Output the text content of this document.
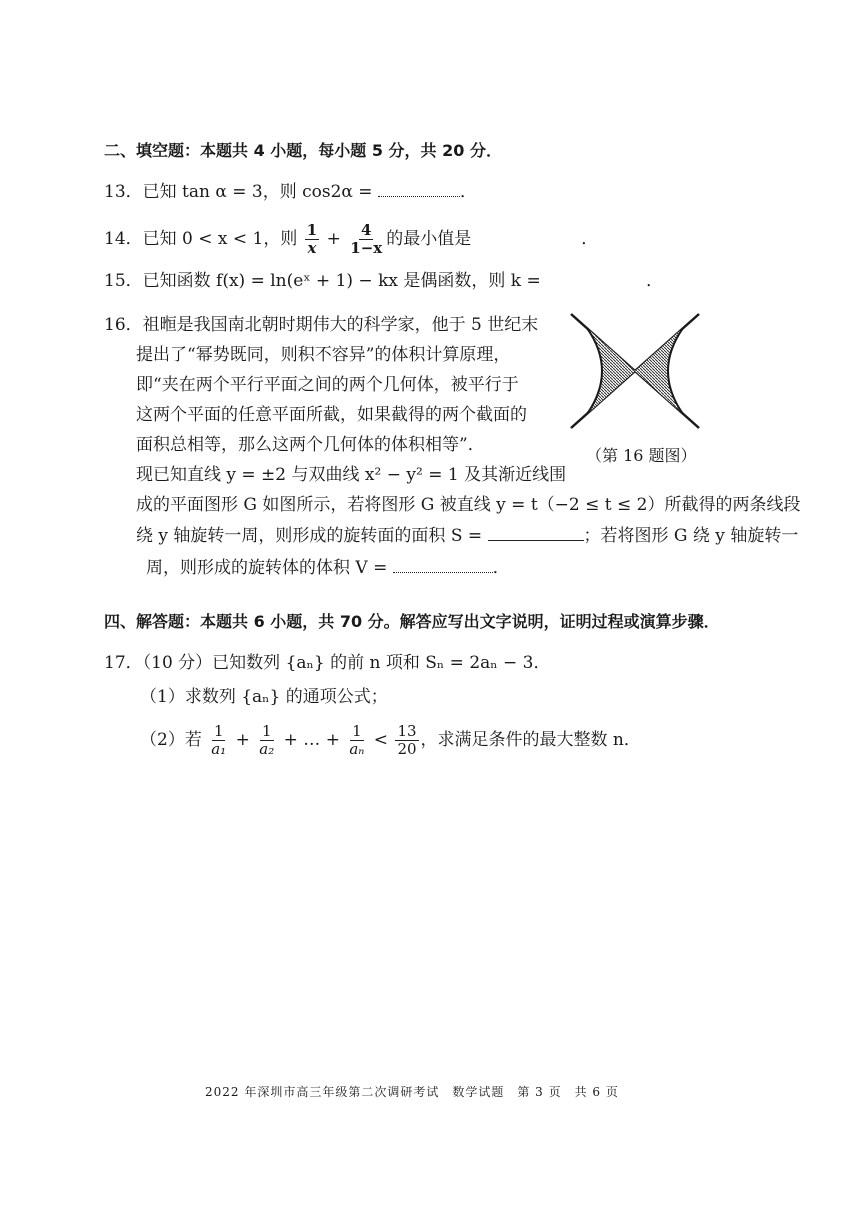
二、填空题：本题共 4 小题，每小题 5 分，共 20 分．
13．已知 tan α = 3，则 cos2α =	．
14．已知 0 < x < 1，则 $\frac{1}{x} + \frac{4}{1-x}$ 的最小值是	．
15．已知函数 f(x) = ln(eˣ + 1) − kx 是偶函数，则 k =	．
16．祖暅是我国南北朝时期伟大的科学家，他于 5 世纪末
提出了“幂势既同，则积不容异”的体积计算原理，
即“夹在两个平行平面之间的两个几何体，被平行于
这两个平面的任意平面所截，如果截得的两个截面的
面积总相等，那么这两个几何体的体积相等”．
现已知直线 y = ±2 与双曲线 x² − y² = 1 及其渐近线围
成的平面图形 G 如图所示，若将图形 G 被直线 y = t（−2 ≤ t ≤ 2）所截得的两条线段
绕 y 轴旋转一周，则形成的旋转面的面积 S =	；若将图形 G 绕 y 轴旋转一
周，则形成的旋转体的体积 V =	．
（第 16 题图）
四、解答题：本题共 6 小题，共 70 分。解答应写出文字说明，证明过程或演算步骤．
17．（10 分）已知数列 {aₙ} 的前 n 项和 Sₙ = 2aₙ − 3．
（1）求数列 {aₙ} 的通项公式；
（2）若 $\frac{1}{\text{a₁}} + \frac{1}{\text{a₂}}$ + … + $\frac{1}{\text{aₙ}} < \frac{13}{20}$ ，求满足条件的最大整数 n．
2022 年深圳市高三年级第二次调研考试　数学试题　第 3 页　共 6 页
